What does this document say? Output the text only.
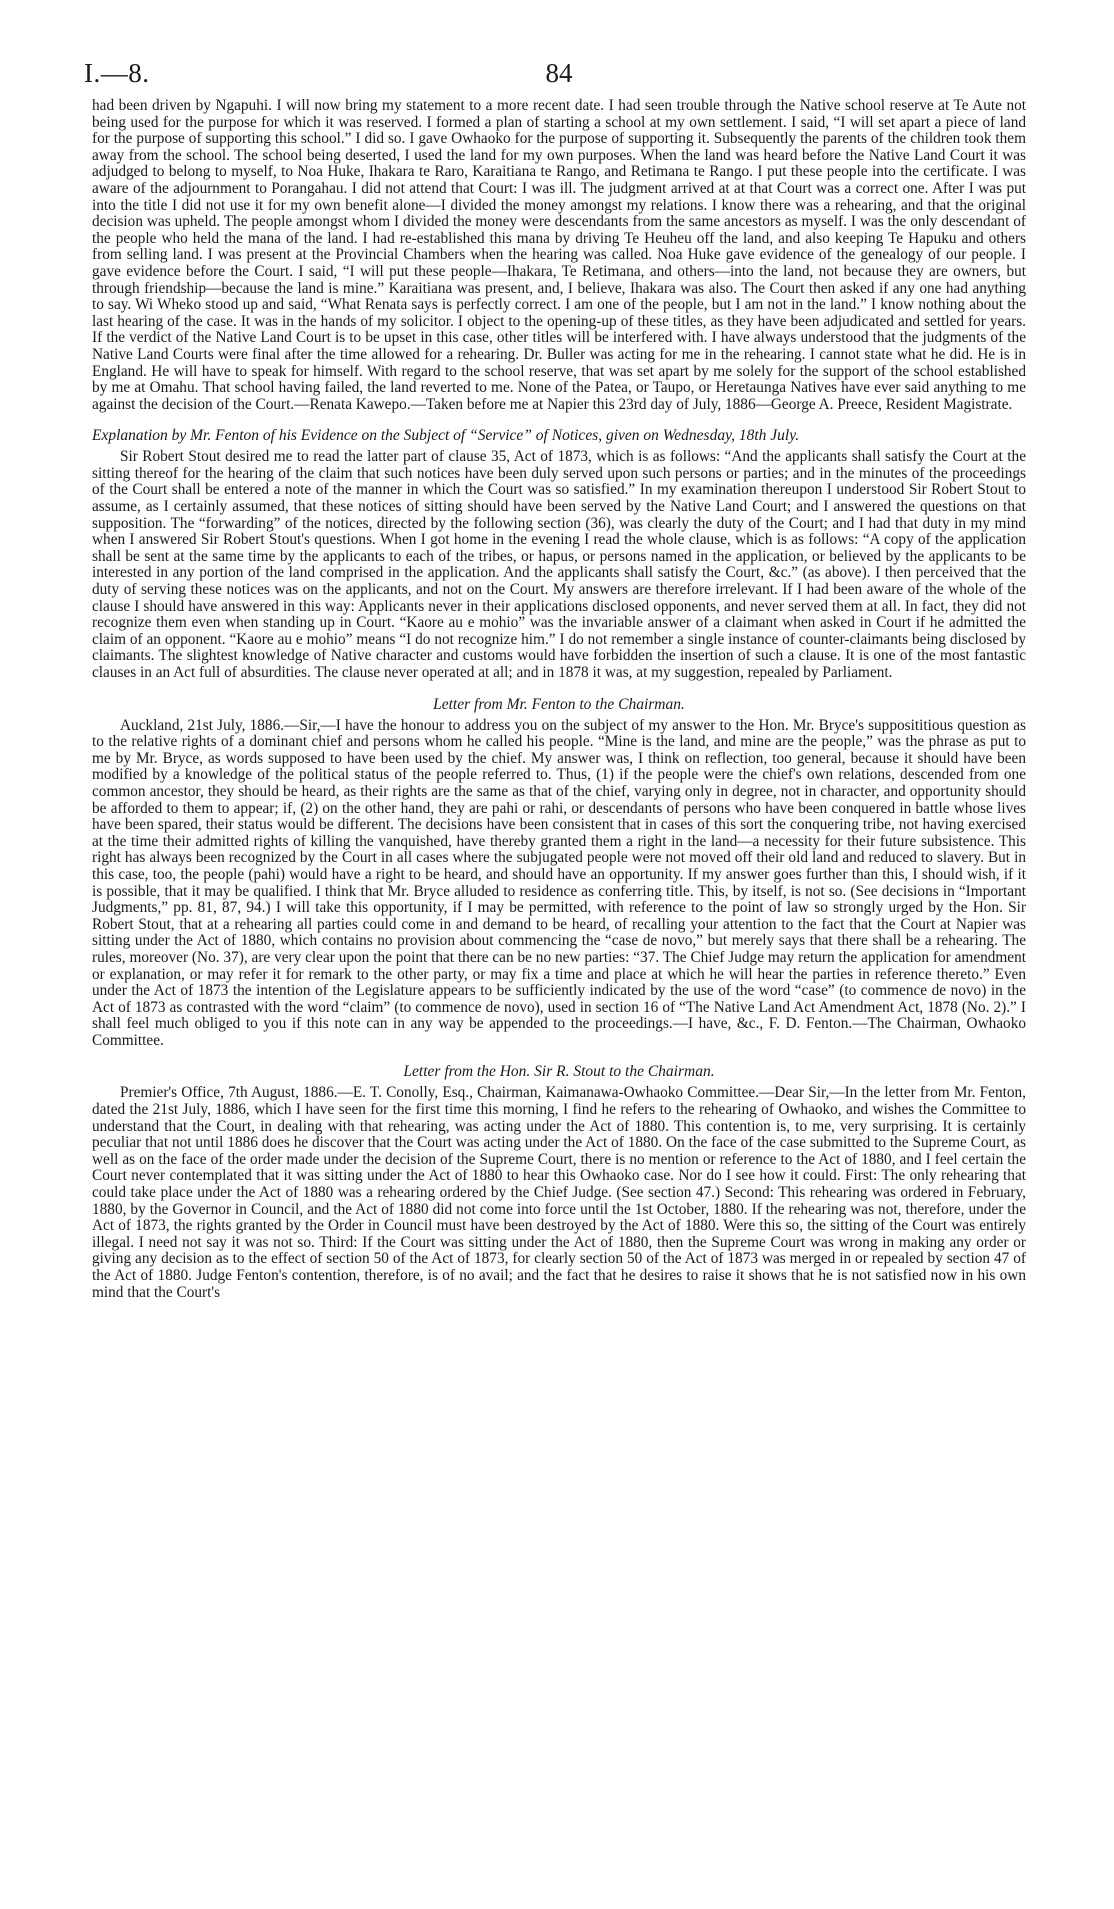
I.—8.	84

had been driven by Ngapuhi. I will now bring my statement to a more recent date. I had seen trouble through the Native school reserve at Te Aute not being used for the purpose for which it was reserved. I formed a plan of starting a school at my own settlement. I said, “I will set apart a piece of land for the purpose of supporting this school.” I did so. I gave Owhaoko for the purpose of supporting it. Subsequently the parents of the children took them away from the school. The school being deserted, I used the land for my own purposes. When the land was heard before the Native Land Court it was adjudged to belong to myself, to Noa Huke, Ihakara te Raro, Karaitiana te Rango, and Retimana te Rango. I put these people into the certificate. I was aware of the adjournment to Porangahau. I did not attend that Court: I was ill. The judgment arrived at at that Court was a correct one. After I was put into the title I did not use it for my own benefit alone—I divided the money amongst my relations. I know there was a rehearing, and that the original decision was upheld. The people amongst whom I divided the money were descendants from the same ancestors as myself. I was the only descendant of the people who held the mana of the land. I had re-established this mana by driving Te Heuheu off the land, and also keeping Te Hapuku and others from selling land. I was present at the Provincial Chambers when the hearing was called. Noa Huke gave evidence of the genealogy of our people. I gave evidence before the Court. I said, “I will put these people—Ihakara, Te Retimana, and others—into the land, not because they are owners, but through friendship—because the land is mine.” Karaitiana was present, and, I believe, Ihakara was also. The Court then asked if any one had anything to say. Wi Wheko stood up and said, “What Renata says is perfectly correct. I am one of the people, but I am not in the land.” I know nothing about the last hearing of the case. It was in the hands of my solicitor. I object to the opening-up of these titles, as they have been adjudicated and settled for years. If the verdict of the Native Land Court is to be upset in this case, other titles will be interfered with. I have always understood that the judgments of the Native Land Courts were final after the time allowed for a rehearing. Dr. Buller was acting for me in the rehearing. I cannot state what he did. He is in England. He will have to speak for himself. With regard to the school reserve, that was set apart by me solely for the support of the school established by me at Omahu. That school having failed, the land reverted to me. None of the Patea, or Taupo, or Heretaunga Natives have ever said anything to me against the decision of the Court.—Renata Kawepo.—Taken before me at Napier this 23rd day of July, 1886—George A. Preece, Resident Magistrate.

Explanation by Mr. Fenton of his Evidence on the Subject of “Service” of Notices, given on Wednesday, 18th July.

Sir Robert Stout desired me to read the latter part of clause 35, Act of 1873, which is as follows: “And the applicants shall satisfy the Court at the sitting thereof for the hearing of the claim that such notices have been duly served upon such persons or parties; and in the minutes of the proceedings of the Court shall be entered a note of the manner in which the Court was so satisfied.” In my examination thereupon I understood Sir Robert Stout to assume, as I certainly assumed, that these notices of sitting should have been served by the Native Land Court; and I answered the questions on that supposition. The “forwarding” of the notices, directed by the following section (36), was clearly the duty of the Court; and I had that duty in my mind when I answered Sir Robert Stout's questions. When I got home in the evening I read the whole clause, which is as follows: “A copy of the application shall be sent at the same time by the applicants to each of the tribes, or hapus, or persons named in the application, or believed by the applicants to be interested in any portion of the land comprised in the application. And the applicants shall satisfy the Court, &c.” (as above). I then perceived that the duty of serving these notices was on the applicants, and not on the Court. My answers are therefore irrelevant. If I had been aware of the whole of the clause I should have answered in this way: Applicants never in their applications disclosed opponents, and never served them at all. In fact, they did not recognize them even when standing up in Court. “Kaore au e mohio” was the invariable answer of a claimant when asked in Court if he admitted the claim of an opponent. “Kaore au e mohio” means “I do not recognize him.” I do not remember a single instance of counter-claimants being disclosed by claimants. The slightest knowledge of Native character and customs would have forbidden the insertion of such a clause. It is one of the most fantastic clauses in an Act full of absurdities. The clause never operated at all; and in 1878 it was, at my suggestion, repealed by Parliament.

Letter from Mr. Fenton to the Chairman.

Auckland, 21st July, 1886.—Sir,—I have the honour to address you on the subject of my answer to the Hon. Mr. Bryce's supposititious question as to the relative rights of a dominant chief and persons whom he called his people. “Mine is the land, and mine are the people,” was the phrase as put to me by Mr. Bryce, as words supposed to have been used by the chief. My answer was, I think on reflection, too general, because it should have been modified by a knowledge of the political status of the people referred to. Thus, (1) if the people were the chief's own relations, descended from one common ancestor, they should be heard, as their rights are the same as that of the chief, varying only in degree, not in character, and opportunity should be afforded to them to appear; if, (2) on the other hand, they are pahi or rahi, or descendants of persons who have been conquered in battle whose lives have been spared, their status would be different. The decisions have been consistent that in cases of this sort the conquering tribe, not having exercised at the time their admitted rights of killing the vanquished, have thereby granted them a right in the land—a necessity for their future subsistence. This right has always been recognized by the Court in all cases where the subjugated people were not moved off their old land and reduced to slavery. But in this case, too, the people (pahi) would have a right to be heard, and should have an opportunity. If my answer goes further than this, I should wish, if it is possible, that it may be qualified. I think that Mr. Bryce alluded to residence as conferring title. This, by itself, is not so. (See decisions in “Important Judgments,” pp. 81, 87, 94.) I will take this opportunity, if I may be permitted, with reference to the point of law so strongly urged by the Hon. Sir Robert Stout, that at a rehearing all parties could come in and demand to be heard, of recalling your attention to the fact that the Court at Napier was sitting under the Act of 1880, which contains no provision about commencing the “case de novo,” but merely says that there shall be a rehearing. The rules, moreover (No. 37), are very clear upon the point that there can be no new parties: “37. The Chief Judge may return the application for amendment or explanation, or may refer it for remark to the other party, or may fix a time and place at which he will hear the parties in reference thereto.” Even under the Act of 1873 the intention of the Legislature appears to be sufficiently indicated by the use of the word “case” (to commence de novo) in the Act of 1873 as contrasted with the word “claim” (to commence de novo), used in section 16 of “The Native Land Act Amendment Act, 1878 (No. 2).” I shall feel much obliged to you if this note can in any way be appended to the proceedings.—I have, &c., F. D. Fenton.—The Chairman, Owhaoko Committee.

Letter from the Hon. Sir R. Stout to the Chairman.

Premier's Office, 7th August, 1886.—E. T. Conolly, Esq., Chairman, Kaimanawa-Owhaoko Committee.—Dear Sir,—In the letter from Mr. Fenton, dated the 21st July, 1886, which I have seen for the first time this morning, I find he refers to the rehearing of Owhaoko, and wishes the Committee to understand that the Court, in dealing with that rehearing, was acting under the Act of 1880. This contention is, to me, very surprising. It is certainly peculiar that not until 1886 does he discover that the Court was acting under the Act of 1880. On the face of the case submitted to the Supreme Court, as well as on the face of the order made under the decision of the Supreme Court, there is no mention or reference to the Act of 1880, and I feel certain the Court never contemplated that it was sitting under the Act of 1880 to hear this Owhaoko case. Nor do I see how it could. First: The only rehearing that could take place under the Act of 1880 was a rehearing ordered by the Chief Judge. (See section 47.) Second: This rehearing was ordered in February, 1880, by the Governor in Council, and the Act of 1880 did not come into force until the 1st October, 1880. If the rehearing was not, therefore, under the Act of 1873, the rights granted by the Order in Council must have been destroyed by the Act of 1880. Were this so, the sitting of the Court was entirely illegal. I need not say it was not so. Third: If the Court was sitting under the Act of 1880, then the Supreme Court was wrong in making any order or giving any decision as to the effect of section 50 of the Act of 1873, for clearly section 50 of the Act of 1873 was merged in or repealed by section 47 of the Act of 1880. Judge Fenton's contention, therefore, is of no avail; and the fact that he desires to raise it shows that he is not satisfied now in his own mind that the Court's
